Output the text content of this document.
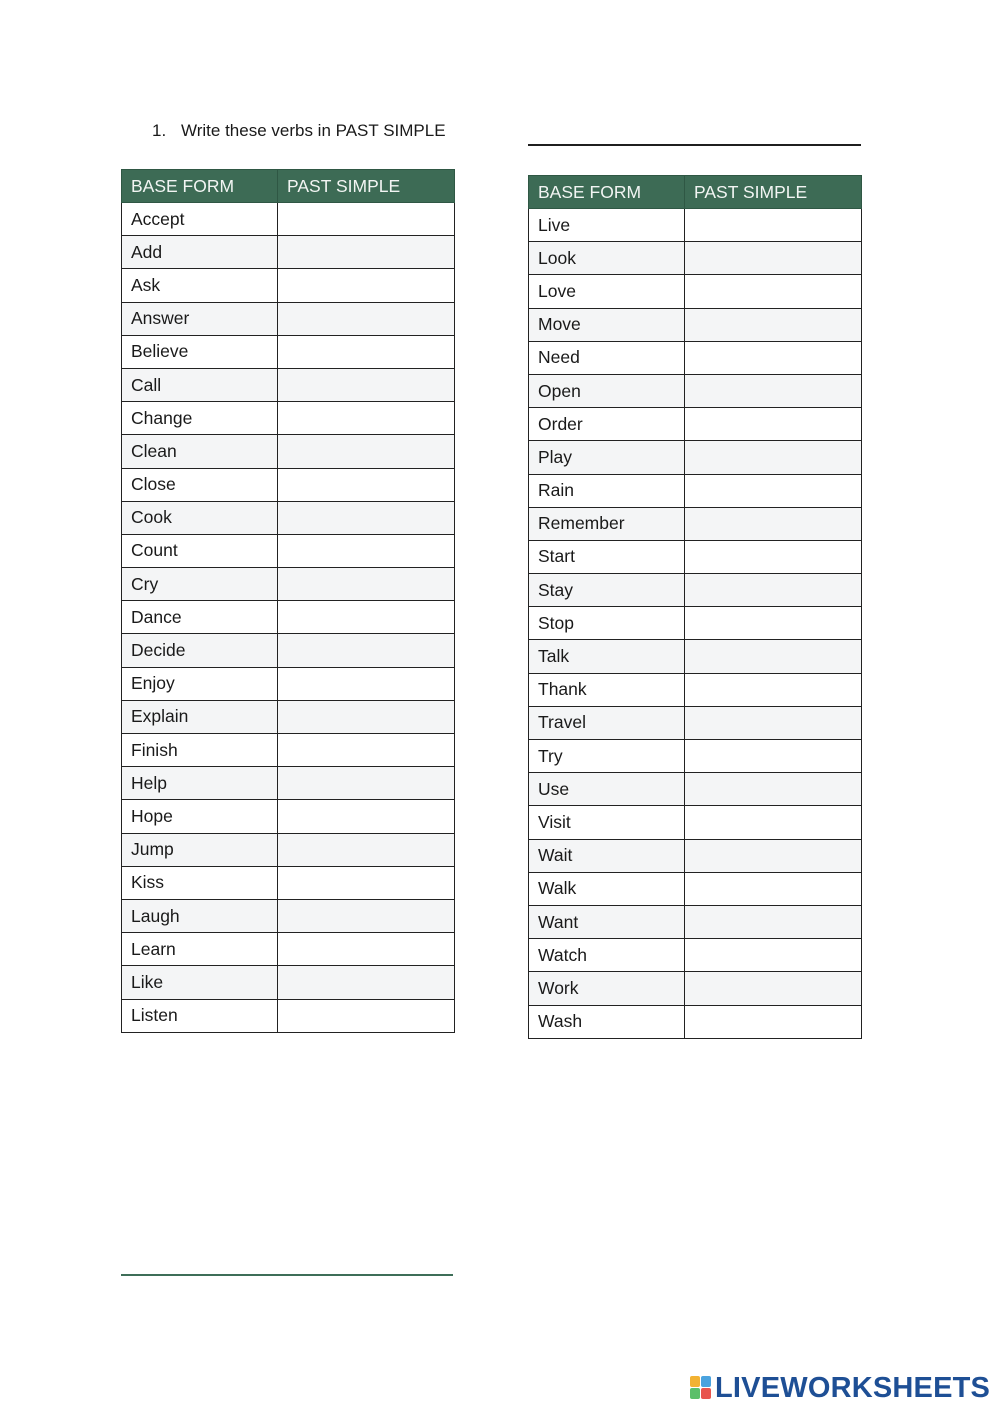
1. Write these verbs in PAST SIMPLE
BASE FORM	PAST SIMPLE
Accept	
Add	
Ask	
Answer	
Believe	
Call	
Change	
Clean	
Close	
Cook	
Count	
Cry	
Dance	
Decide	
Enjoy	
Explain	
Finish	
Help	
Hope	
Jump	
Kiss	
Laugh	
Learn	
Like	
Listen	
BASE FORM	PAST SIMPLE
Live	
Look	
Love	
Move	
Need	
Open	
Order	
Play	
Rain	
Remember	
Start	
Stay	
Stop	
Talk	
Thank	
Travel	
Try	
Use	
Visit	
Wait	
Walk	
Want	
Watch	
Work	
Wash	
LIVEWORKSHEETS
